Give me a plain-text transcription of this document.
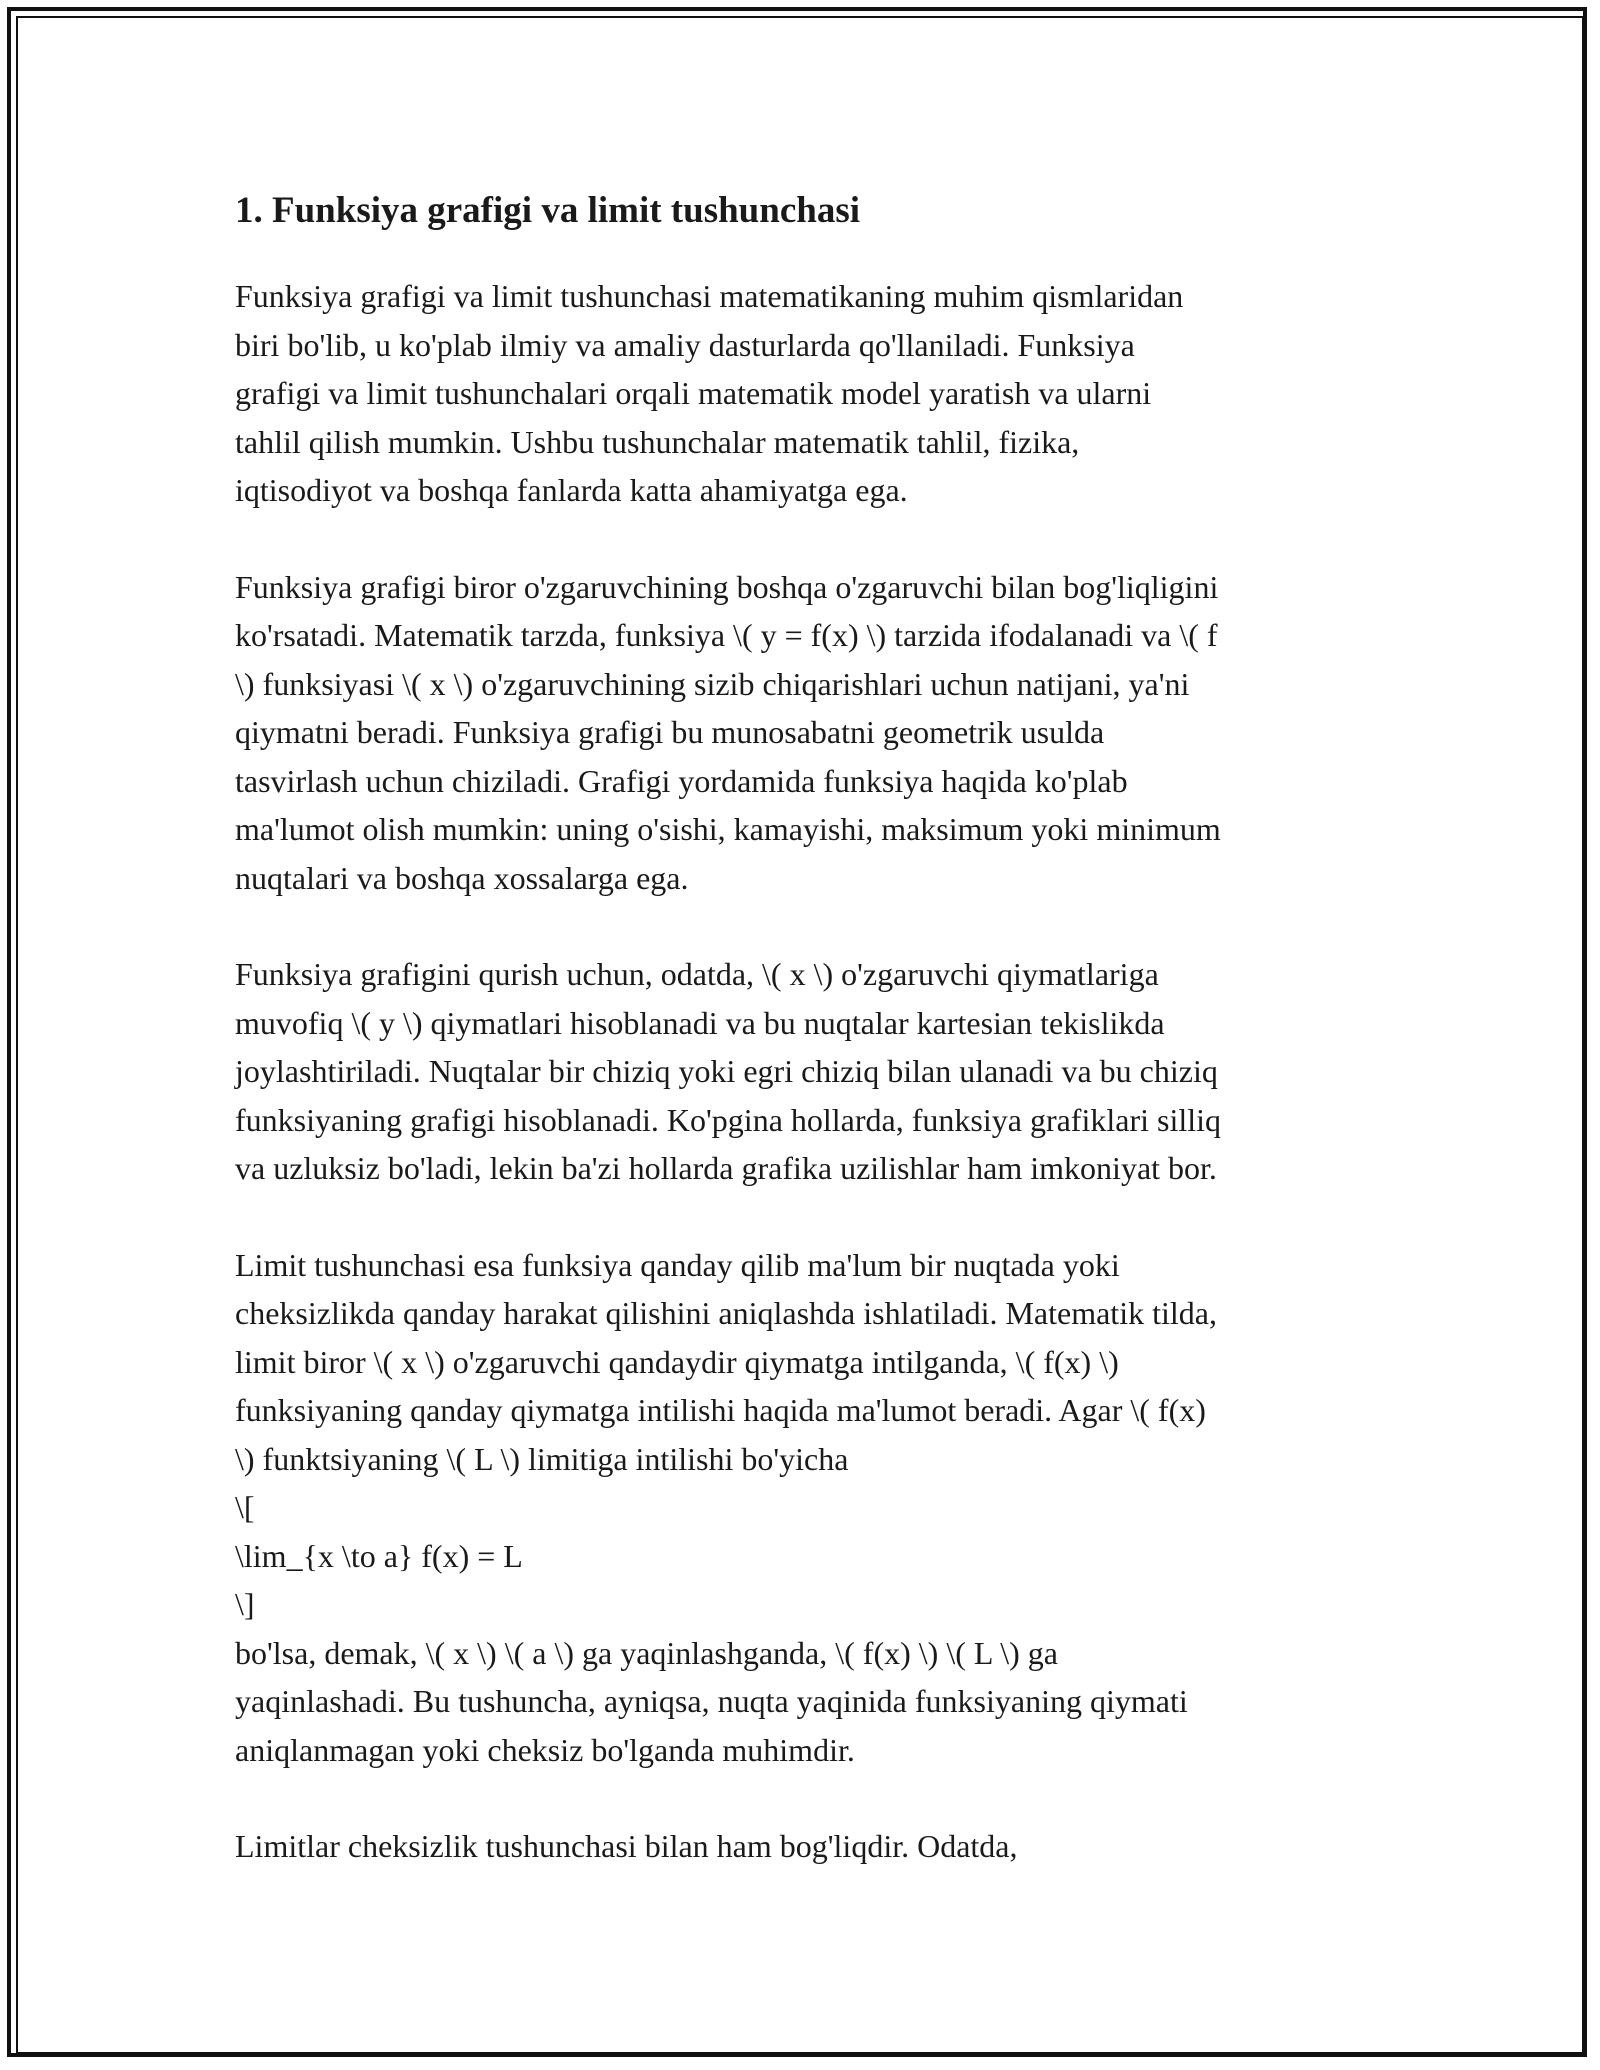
1. Funksiya grafigi va limit tushunchasi
Funksiya grafigi va limit tushunchasi matematikaning muhim qismlaridan
biri bo'lib, u ko'plab ilmiy va amaliy dasturlarda qo'llaniladi. Funksiya
grafigi va limit tushunchalari orqali matematik model yaratish va ularni
tahlil qilish mumkin. Ushbu tushunchalar matematik tahlil, fizika,
iqtisodiyot va boshqa fanlarda katta ahamiyatga ega.
Funksiya grafigi biror o'zgaruvchining boshqa o'zgaruvchi bilan bog'liqligini
ko'rsatadi. Matematik tarzda, funksiya \( y = f(x) \) tarzida ifodalanadi va \( f
\) funksiyasi \( x \) o'zgaruvchining sizib chiqarishlari uchun natijani, ya'ni
qiymatni beradi. Funksiya grafigi bu munosabatni geometrik usulda
tasvirlash uchun chiziladi. Grafigi yordamida funksiya haqida ko'plab
ma'lumot olish mumkin: uning o'sishi, kamayishi, maksimum yoki minimum
nuqtalari va boshqa xossalarga ega.
Funksiya grafigini qurish uchun, odatda, \( x \) o'zgaruvchi qiymatlariga
muvofiq \( y \) qiymatlari hisoblanadi va bu nuqtalar kartesian tekislikda
joylashtiriladi. Nuqtalar bir chiziq yoki egri chiziq bilan ulanadi va bu chiziq
funksiyaning grafigi hisoblanadi. Ko'pgina hollarda, funksiya grafiklari silliq
va uzluksiz bo'ladi, lekin ba'zi hollarda grafika uzilishlar ham imkoniyat bor.
Limit tushunchasi esa funksiya qanday qilib ma'lum bir nuqtada yoki
cheksizlikda qanday harakat qilishini aniqlashda ishlatiladi. Matematik tilda,
limit biror \( x \) o'zgaruvchi qandaydir qiymatga intilganda, \( f(x) \)
funksiyaning qanday qiymatga intilishi haqida ma'lumot beradi. Agar \( f(x)
\) funktsiyaning \( L \) limitiga intilishi bo'yicha
\[
\lim_{x \to a} f(x) = L
\]
bo'lsa, demak, \( x \) \( a \) ga yaqinlashganda, \( f(x) \) \( L \) ga
yaqinlashadi. Bu tushuncha, ayniqsa, nuqta yaqinida funksiyaning qiymati
aniqlanmagan yoki cheksiz bo'lganda muhimdir.
Limitlar cheksizlik tushunchasi bilan ham bog'liqdir. Odatda,
